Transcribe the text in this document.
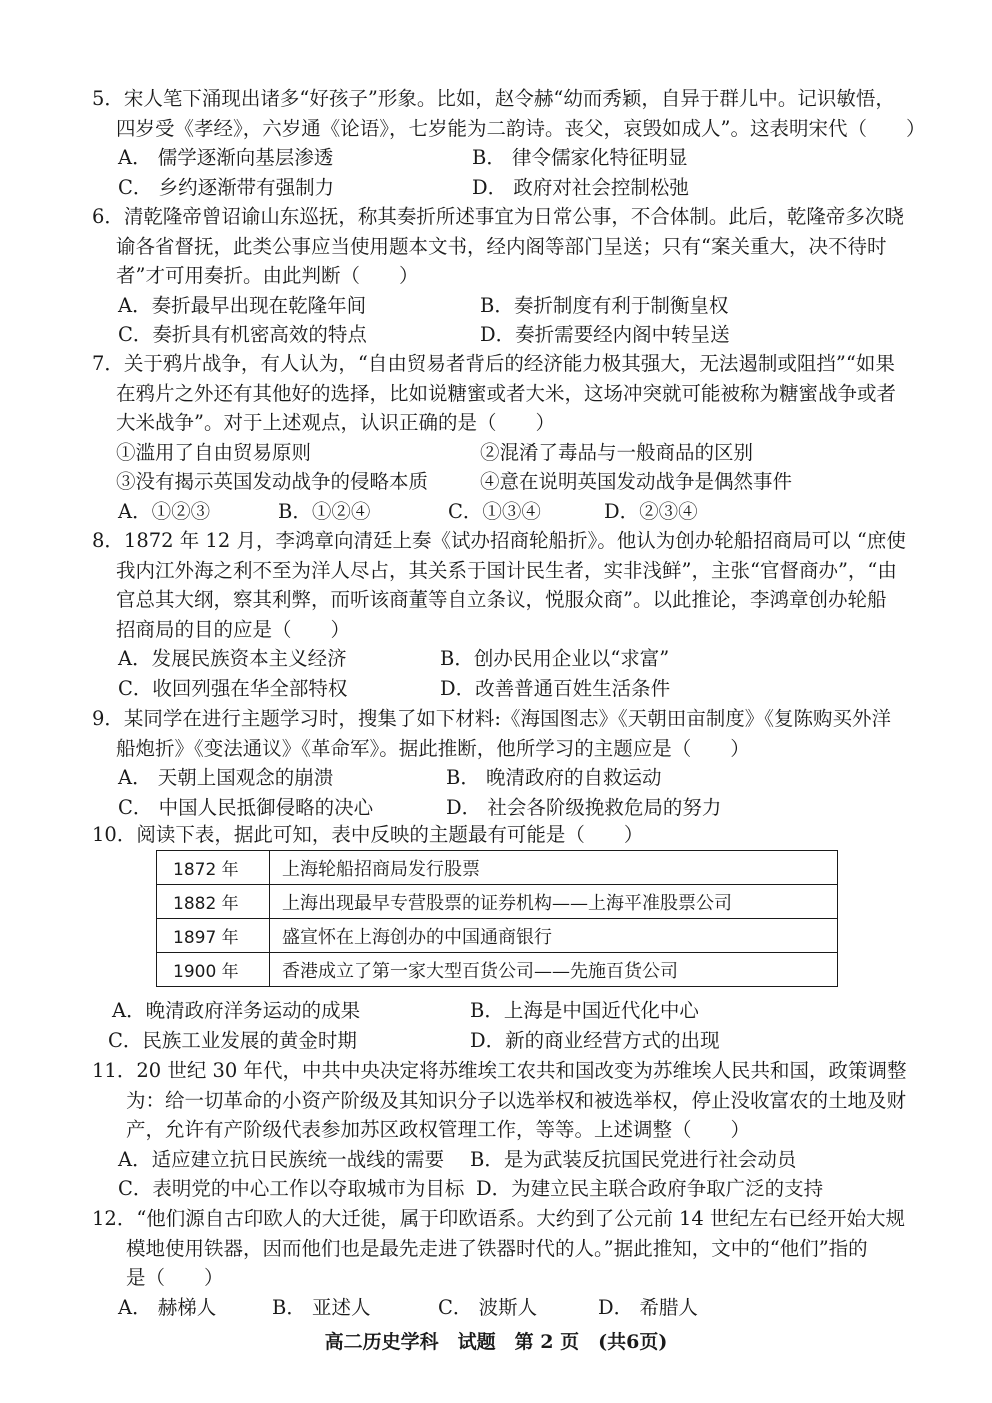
5．宋人笔下涌现出诸多“好孩子”形象。比如，赵令赫“幼而秀颖，自异于群儿中。记识敏悟，

四岁受《孝经》，六岁通《论语》，七岁能为二韵诗。丧父，哀毁如成人”。这表明宋代（　　）

A． 儒学逐渐向基层渗透	B． 律令儒家化特征明显
C． 乡约逐渐带有强制力	D． 政府对社会控制松弛

6．清乾隆帝曾诏谕山东巡抚，称其奏折所述事宜为日常公事，不合体制。此后，乾隆帝多次晓

谕各省督抚，此类公事应当使用题本文书，经内阁等部门呈送；只有“案关重大，决不待时

者”才可用奏折。由此判断（　　）

A．奏折最早出现在乾隆年间	B．奏折制度有利于制衡皇权
C．奏折具有机密高效的特点	D．奏折需要经内阁中转呈送

7．关于鸦片战争，有人认为，“自由贸易者背后的经济能力极其强大，无法遏制或阻挡”“如果

在鸦片之外还有其他好的选择，比如说糖蜜或者大米，这场冲突就可能被称为糖蜜战争或者

大米战争”。对于上述观点，认识正确的是（　　）

①滥用了自由贸易原则	②混淆了毒品与一般商品的区别
③没有揭示英国发动战争的侵略本质	④意在说明英国发动战争是偶然事件
A．①②③	B．①②④	C．①③④	D．②③④

8．1872 年 12 月，李鸿章向清廷上奏《试办招商轮船折》。他认为创办轮船招商局可以 “庶使

我内江外海之利不至为洋人尽占，其关系于国计民生者，实非浅鲜”，主张“官督商办”，“由

官总其大纲，察其利弊，而听该商董等自立条议，悦服众商”。以此推论，李鸿章创办轮船

招商局的目的应是（　　）

A．发展民族资本主义经济	B．创办民用企业以“求富”
C．收回列强在华全部特权	D．改善普通百姓生活条件

9．某同学在进行主题学习时，搜集了如下材料:《海国图志》《天朝田亩制度》《复陈购买外洋

船炮折》《变法通议》《革命军》。据此推断，他所学习的主题应是（　　）

A． 天朝上国观念的崩溃	B． 晚清政府的自救运动
C． 中国人民抵御侵略的决心	D． 社会各阶级挽救危局的努力

10．阅读下表，据此可知，表中反映的主题最有可能是（　　）

1872 年	上海轮船招商局发行股票
1882 年	上海出现最早专营股票的证券机构——上海平准股票公司
1897 年	盛宣怀在上海创办的中国通商银行
1900 年	香港成立了第一家大型百货公司——先施百货公司
A．晚清政府洋务运动的成果	B．上海是中国近代化中心
C．民族工业发展的黄金时期	D．新的商业经营方式的出现

11．20 世纪 30 年代，中共中央决定将苏维埃工农共和国改变为苏维埃人民共和国，政策调整

为：给一切革命的小资产阶级及其知识分子以选举权和被选举权，停止没收富农的土地及财

产，允许有产阶级代表参加苏区政权管理工作，等等。上述调整（　　）

A．适应建立抗日民族统一战线的需要 B．是为武装反抗国民党进行社会动员
C．表明党的中心工作以夺取城市为目标 D．为建立民主联合政府争取广泛的支持

12．“他们源自古印欧人的大迁徙，属于印欧语系。大约到了公元前 14 世纪左右已经开始大规

模地使用铁器，因而他们也是最先走进了铁器时代的人。”据此推知，文中的“他们”指的

是（　　）

A． 赫梯人	B． 亚述人	C． 波斯人	D． 希腊人
高二历史学科　试题　第 2 页　(共6页)
